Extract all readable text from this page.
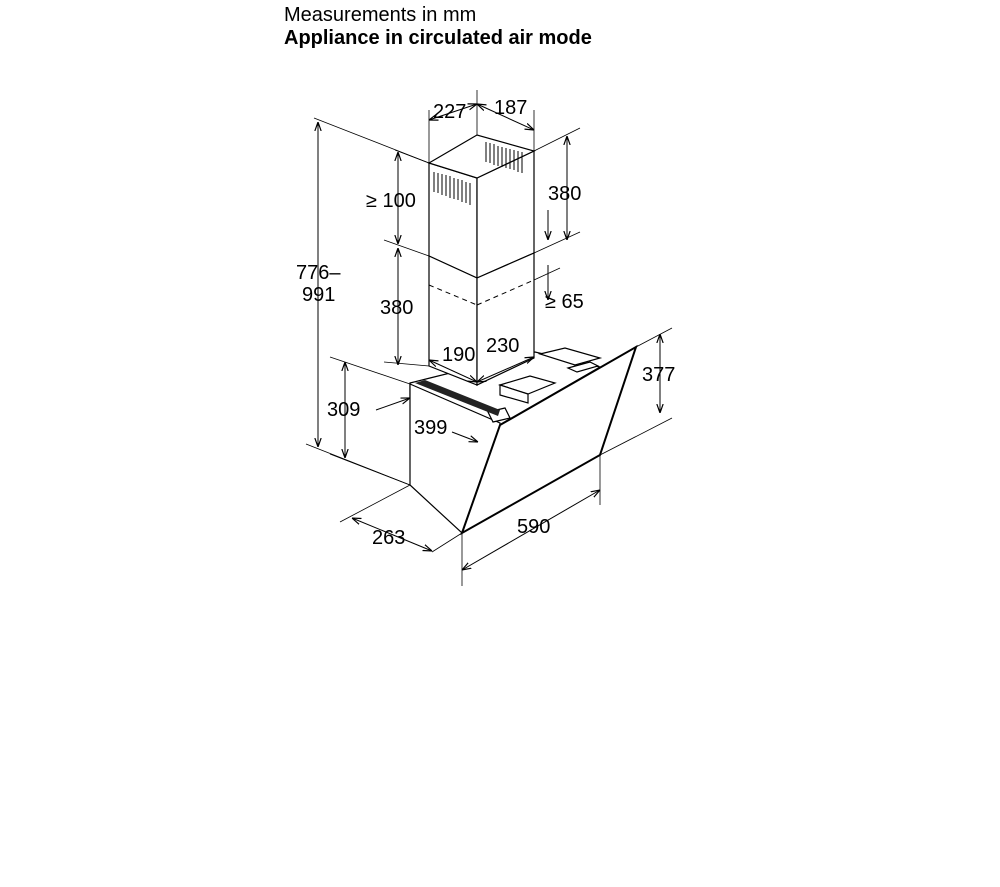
Measurements in mm
Appliance in circulated air mode
227 187
≥ 100	380
776–
991
380	≥ 65
190 230
377
309
399
263	590
